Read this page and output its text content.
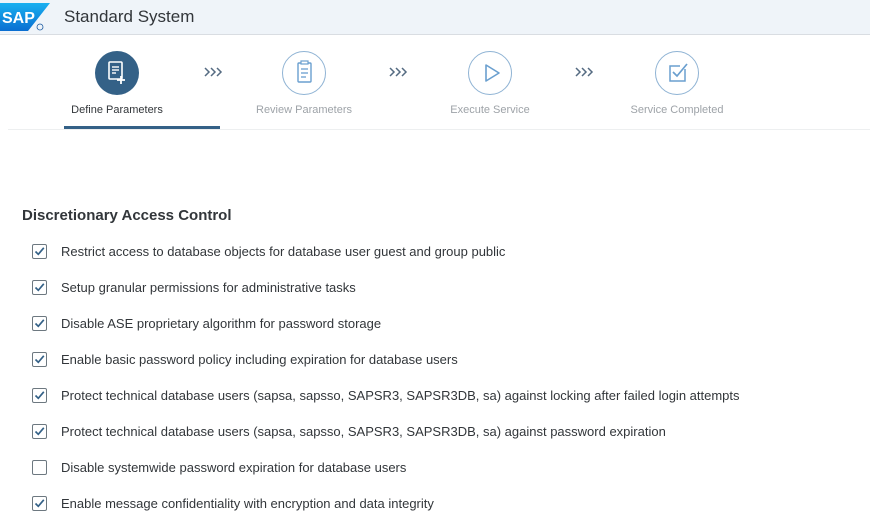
SAP Standard System
Define Parameters	Review Parameters	Execute Service	Service Completed
Discretionary Access Control
Restrict access to database objects for database user guest and group public
Setup granular permissions for administrative tasks
Disable ASE proprietary algorithm for password storage
Enable basic password policy including expiration for database users
Protect technical database users (sapsa, sapsso, SAPSR3, SAPSR3DB, sa) against locking after failed login attempts
Protect technical database users (sapsa, sapsso, SAPSR3, SAPSR3DB, sa) against password expiration
Disable systemwide password expiration for database users
Enable message confidentiality with encryption and data integrity
